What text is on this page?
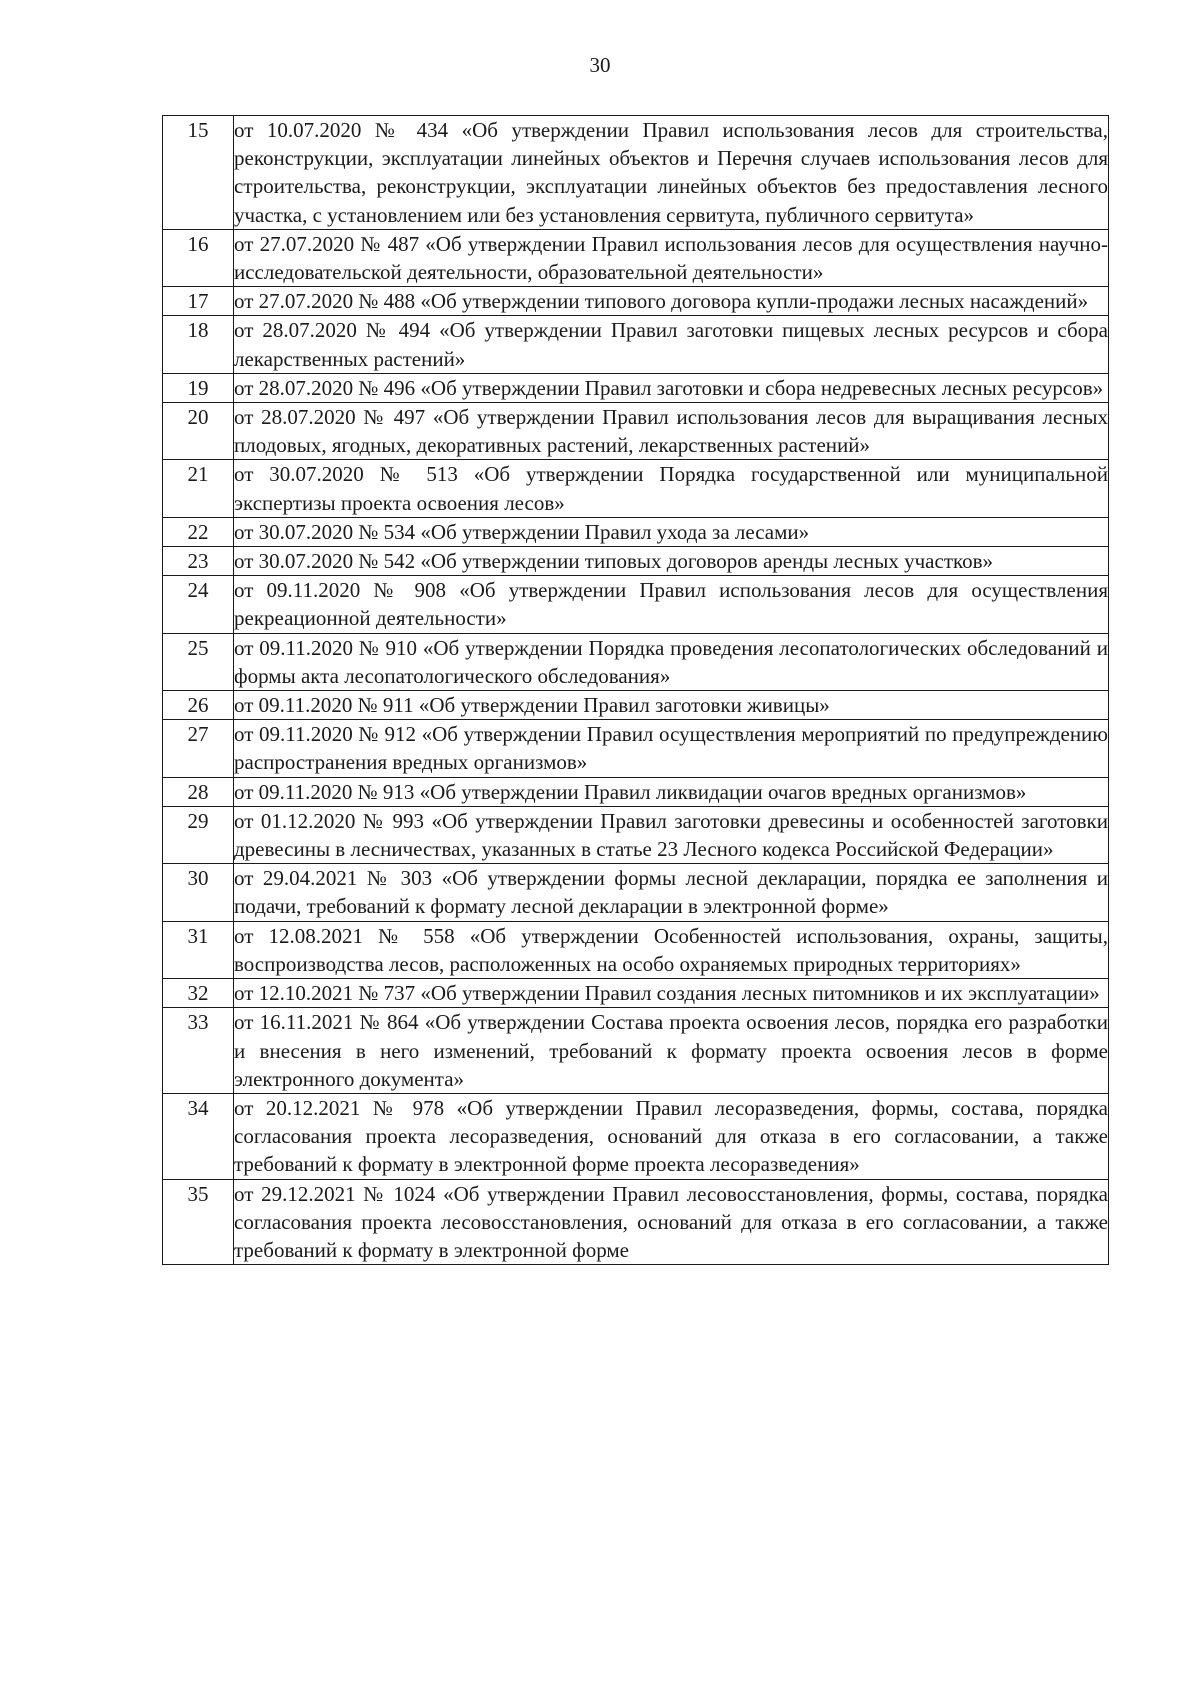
30
15	от 10.07.2020 № 434 «Об утверждении Правил использования лесов для строительства, реконструкции, эксплуатации линейных объектов и Перечня случаев использования лесов для строительства, реконструкции, эксплуатации линейных объектов без предоставления лесного участка, с установлением или без установления сервитута, публичного сервитута»
16	от 27.07.2020 № 487 «Об утверждении Правил использования лесов для осуществления научно-исследовательской деятельности, образовательной деятельности»
17	от 27.07.2020 № 488 «Об утверждении типового договора купли-продажи лесных насаждений»
18	от 28.07.2020 № 494 «Об утверждении Правил заготовки пищевых лесных ресурсов и сбора лекарственных растений»
19	от 28.07.2020 № 496 «Об утверждении Правил заготовки и сбора недревесных лесных ресурсов»
20	от 28.07.2020 № 497 «Об утверждении Правил использования лесов для выращивания лесных плодовых, ягодных, декоративных растений, лекарственных растений»
21	от 30.07.2020 № 513 «Об утверждении Порядка государственной или муниципальной экспертизы проекта освоения лесов»
22	от 30.07.2020 № 534 «Об утверждении Правил ухода за лесами»
23	от 30.07.2020 № 542 «Об утверждении типовых договоров аренды лесных участков»
24	от 09.11.2020 № 908 «Об утверждении Правил использования лесов для осуществления рекреационной деятельности»
25	от 09.11.2020 № 910 «Об утверждении Порядка проведения лесопатологических обследований и формы акта лесопатологического обследования»
26	от 09.11.2020 № 911 «Об утверждении Правил заготовки живицы»
27	от 09.11.2020 № 912 «Об утверждении Правил осуществления мероприятий по предупреждению распространения вредных организмов»
28	от 09.11.2020 № 913 «Об утверждении Правил ликвидации очагов вредных организмов»
29	от 01.12.2020 № 993 «Об утверждении Правил заготовки древесины и особенностей заготовки древесины в лесничествах, указанных в статье 23 Лесного кодекса Российской Федерации»
30	от 29.04.2021 № 303 «Об утверждении формы лесной декларации, порядка ее заполнения и подачи, требований к формату лесной декларации в электронной форме»
31	от 12.08.2021 № 558 «Об утверждении Особенностей использования, охраны, защиты, воспроизводства лесов, расположенных на особо охраняемых природных территориях»
32	от 12.10.2021 № 737 «Об утверждении Правил создания лесных питомников и их эксплуатации»
33	от 16.11.2021 № 864 «Об утверждении Состава проекта освоения лесов, порядка его разработки и внесения в него изменений, требований к формату проекта освоения лесов в форме электронного документа»
34	от 20.12.2021 № 978 «Об утверждении Правил лесоразведения, формы, состава, порядка согласования проекта лесоразведения, оснований для отказа в его согласовании, а также требований к формату в электронной форме проекта лесоразведения»
35	от 29.12.2021 № 1024 «Об утверждении Правил лесовосстановления, формы, состава, порядка согласования проекта лесовосстановления, оснований для отказа в его согласовании, а также требований к формату в электронной форме
